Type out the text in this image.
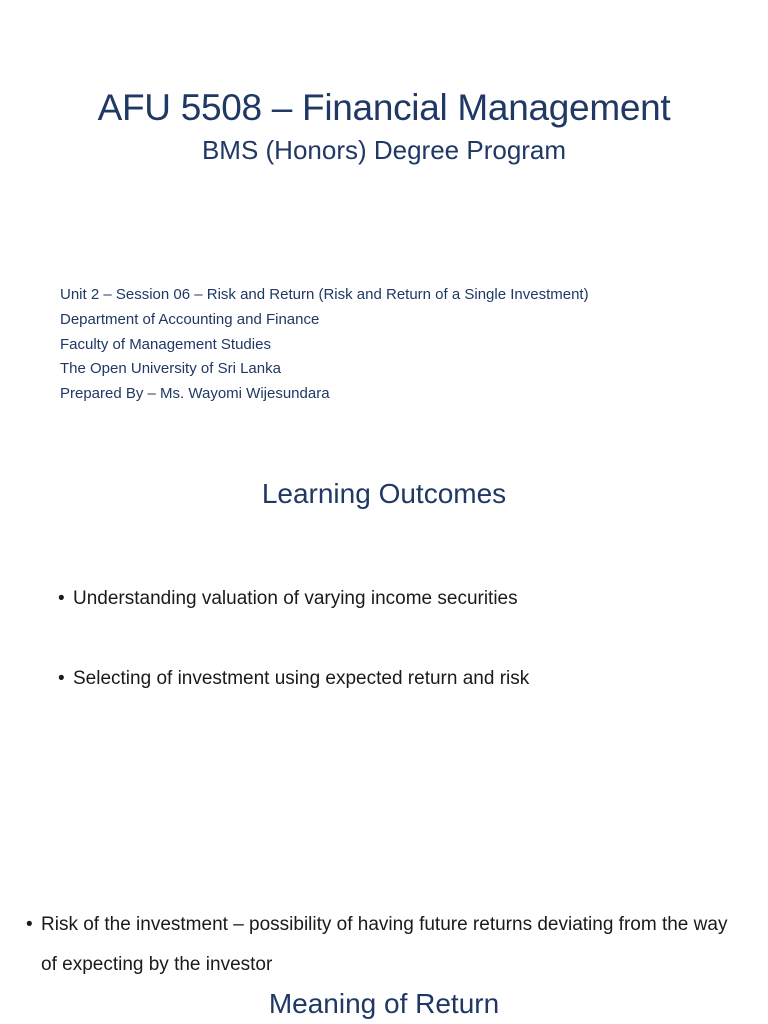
AFU 5508 – Financial Management
BMS (Honors) Degree Program
Unit 2 – Session 06 – Risk and Return (Risk and Return of a Single Investment)
Department of Accounting and Finance
Faculty of Management Studies
The Open University of Sri Lanka
Prepared By – Ms. Wayomi Wijesundara
Learning Outcomes
• Understanding valuation of varying income securities
• Selecting of investment using expected return and risk
• Risk of the investment – possibility of having future returns deviating from the way of expecting by the investor
Meaning of Return
